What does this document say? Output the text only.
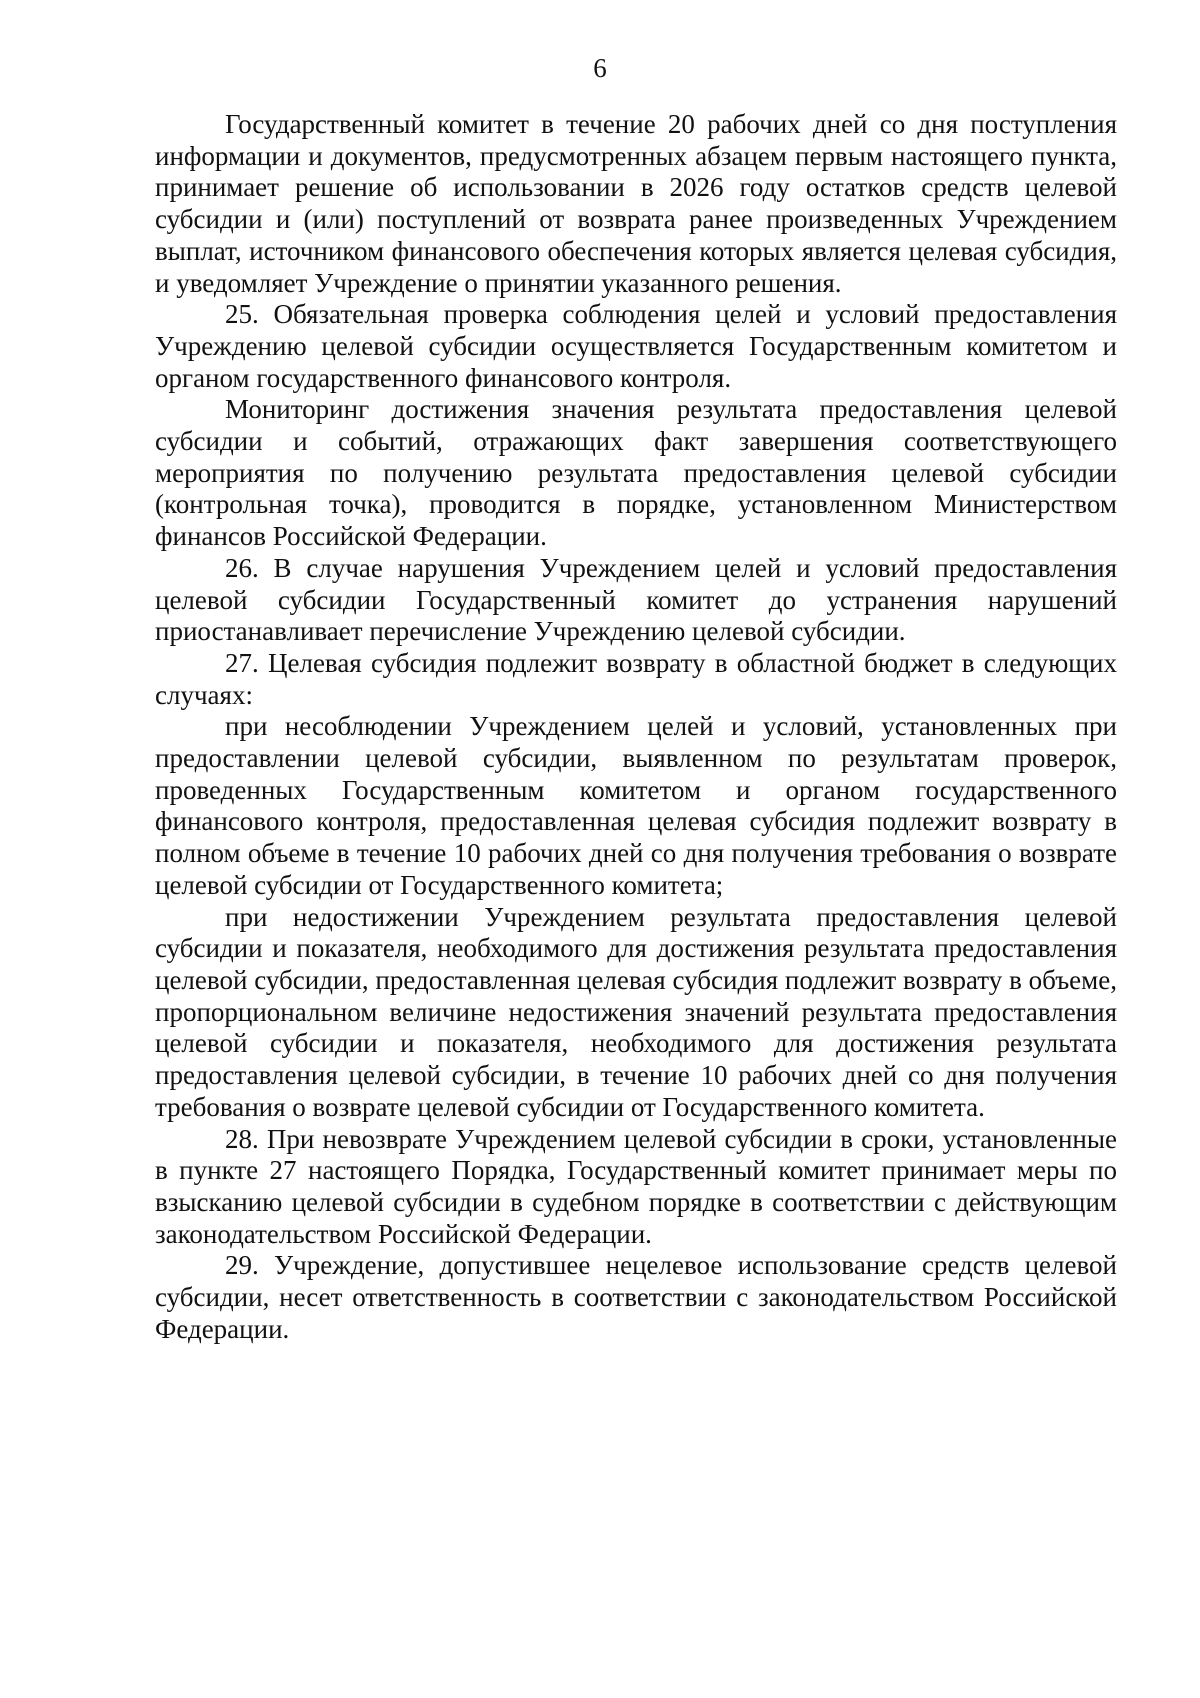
6

Государственный комитет в течение 20 рабочих дней со дня поступления информации и документов, предусмотренных абзацем первым настоящего пункта, принимает решение об использовании в 2026 году остатков средств целевой субсидии и (или) поступлений от возврата ранее произведенных Учреждением выплат, источником финансового обеспечения которых является целевая субсидия, и уведомляет Учреждение о принятии указанного решения.

25. Обязательная проверка соблюдения целей и условий предоставления Учреждению целевой субсидии осуществляется Государственным комитетом и органом государственного финансового контроля.

Мониторинг достижения значения результата предоставления целевой субсидии и событий, отражающих факт завершения соответствующего мероприятия по получению результата предоставления целевой субсидии (контрольная точка), проводится в порядке, установленном Министерством финансов Российской Федерации.

26. В случае нарушения Учреждением целей и условий предоставления целевой субсидии Государственный комитет до устранения нарушений приостанавливает перечисление Учреждению целевой субсидии.

27. Целевая субсидия подлежит возврату в областной бюджет в следующих случаях:

при несоблюдении Учреждением целей и условий, установленных при предоставлении целевой субсидии, выявленном по результатам проверок, проведенных Государственным комитетом и органом государственного финансового контроля, предоставленная целевая субсидия подлежит возврату в полном объеме в течение 10 рабочих дней со дня получения требования о возврате целевой субсидии от Государственного комитета;

при недостижении Учреждением результата предоставления целевой субсидии и показателя, необходимого для достижения результата предоставления целевой субсидии, предоставленная целевая субсидия подлежит возврату в объеме, пропорциональном величине недостижения значений результата предоставления целевой субсидии и показателя, необходимого для достижения результата предоставления целевой субсидии, в течение 10 рабочих дней со дня получения требования о возврате целевой субсидии от Государственного комитета.

28. При невозврате Учреждением целевой субсидии в сроки, установленные в пункте 27 настоящего Порядка, Государственный комитет принимает меры по взысканию целевой субсидии в судебном порядке в соответствии с действующим законодательством Российской Федерации.

29. Учреждение, допустившее нецелевое использование средств целевой субсидии, несет ответственность в соответствии с законодательством Российской Федерации.
